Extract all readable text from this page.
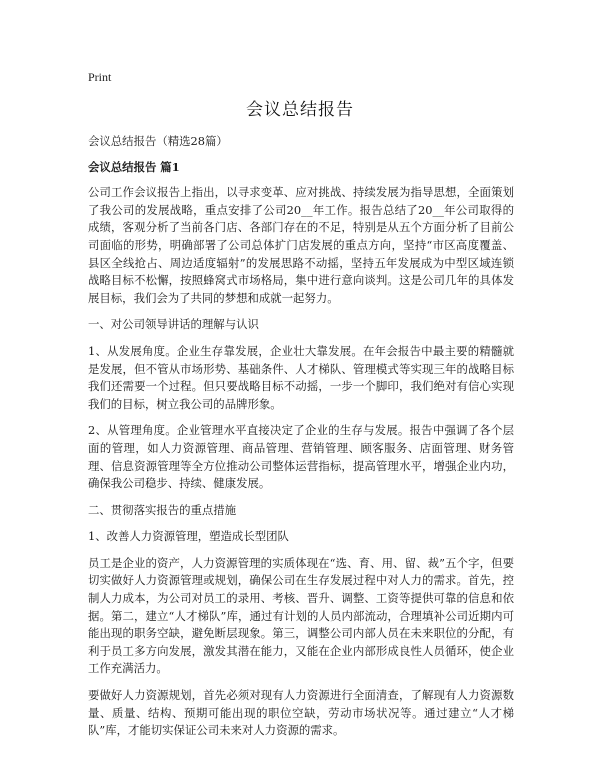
Print
会议总结报告

会议总结报告（精选28篇）

会议总结报告 篇1

公司工作会议报告上指出，以寻求变革、应对挑战、持续发展为指导思想，全面策划了我公司的发展战略，重点安排了公司20__年工作。报告总结了20__年公司取得的成绩，客观分析了当前各门店、各部门存在的不足，特别是从五个方面分析了目前公司面临的形势，明确部署了公司总体扩门店发展的重点方向，坚持“市区高度覆盖、县区全线抢占、周边适度辐射”的发展思路不动摇，坚持五年发展成为中型区域连锁战略目标不松懈，按照蜂窝式市场格局，集中进行意向谈判。这是公司几年的具体发展目标，我们会为了共同的梦想和成就一起努力。

一、对公司领导讲话的理解与认识

1、从发展角度。企业生存靠发展，企业壮大靠发展。在年会报告中最主要的精髓就是发展，但不管从市场形势、基础条件、人才梯队、管理模式等实现三年的战略目标我们还需要一个过程。但只要战略目标不动摇，一步一个脚印，我们绝对有信心实现我们的目标，树立我公司的品牌形象。

2、从管理角度。企业管理水平直接决定了企业的生存与发展。报告中强调了各个层面的管理，如人力资源管理、商品管理、营销管理、顾客服务、店面管理、财务管理、信息资源管理等全方位推动公司整体运营指标，提高管理水平，增强企业内功，确保我公司稳步、持续、健康发展。

二、贯彻落实报告的重点措施

1、改善人力资源管理，塑造成长型团队

员工是企业的资产，人力资源管理的实质体现在“选、育、用、留、裁”五个字，但要切实做好人力资源管理或规划，确保公司在生存发展过程中对人力的需求。首先，控制人力成本，为公司对员工的录用、考核、晋升、调整、工资等提供可靠的信息和依据。第二，建立“人才梯队”库，通过有计划的人员内部流动，合理填补公司近期内可能出现的职务空缺，避免断层现象。第三，调整公司内部人员在未来职位的分配，有利于员工多方向发展，激发其潜在能力，又能在企业内部形成良性人员循环，使企业工作充满活力。

要做好人力资源规划，首先必须对现有人力资源进行全面清查，了解现有人力资源数量、质量、结构、预期可能出现的职位空缺，劳动市场状况等。通过建立“人才梯队”库，才能切实保证公司未来对人力资源的需求。
